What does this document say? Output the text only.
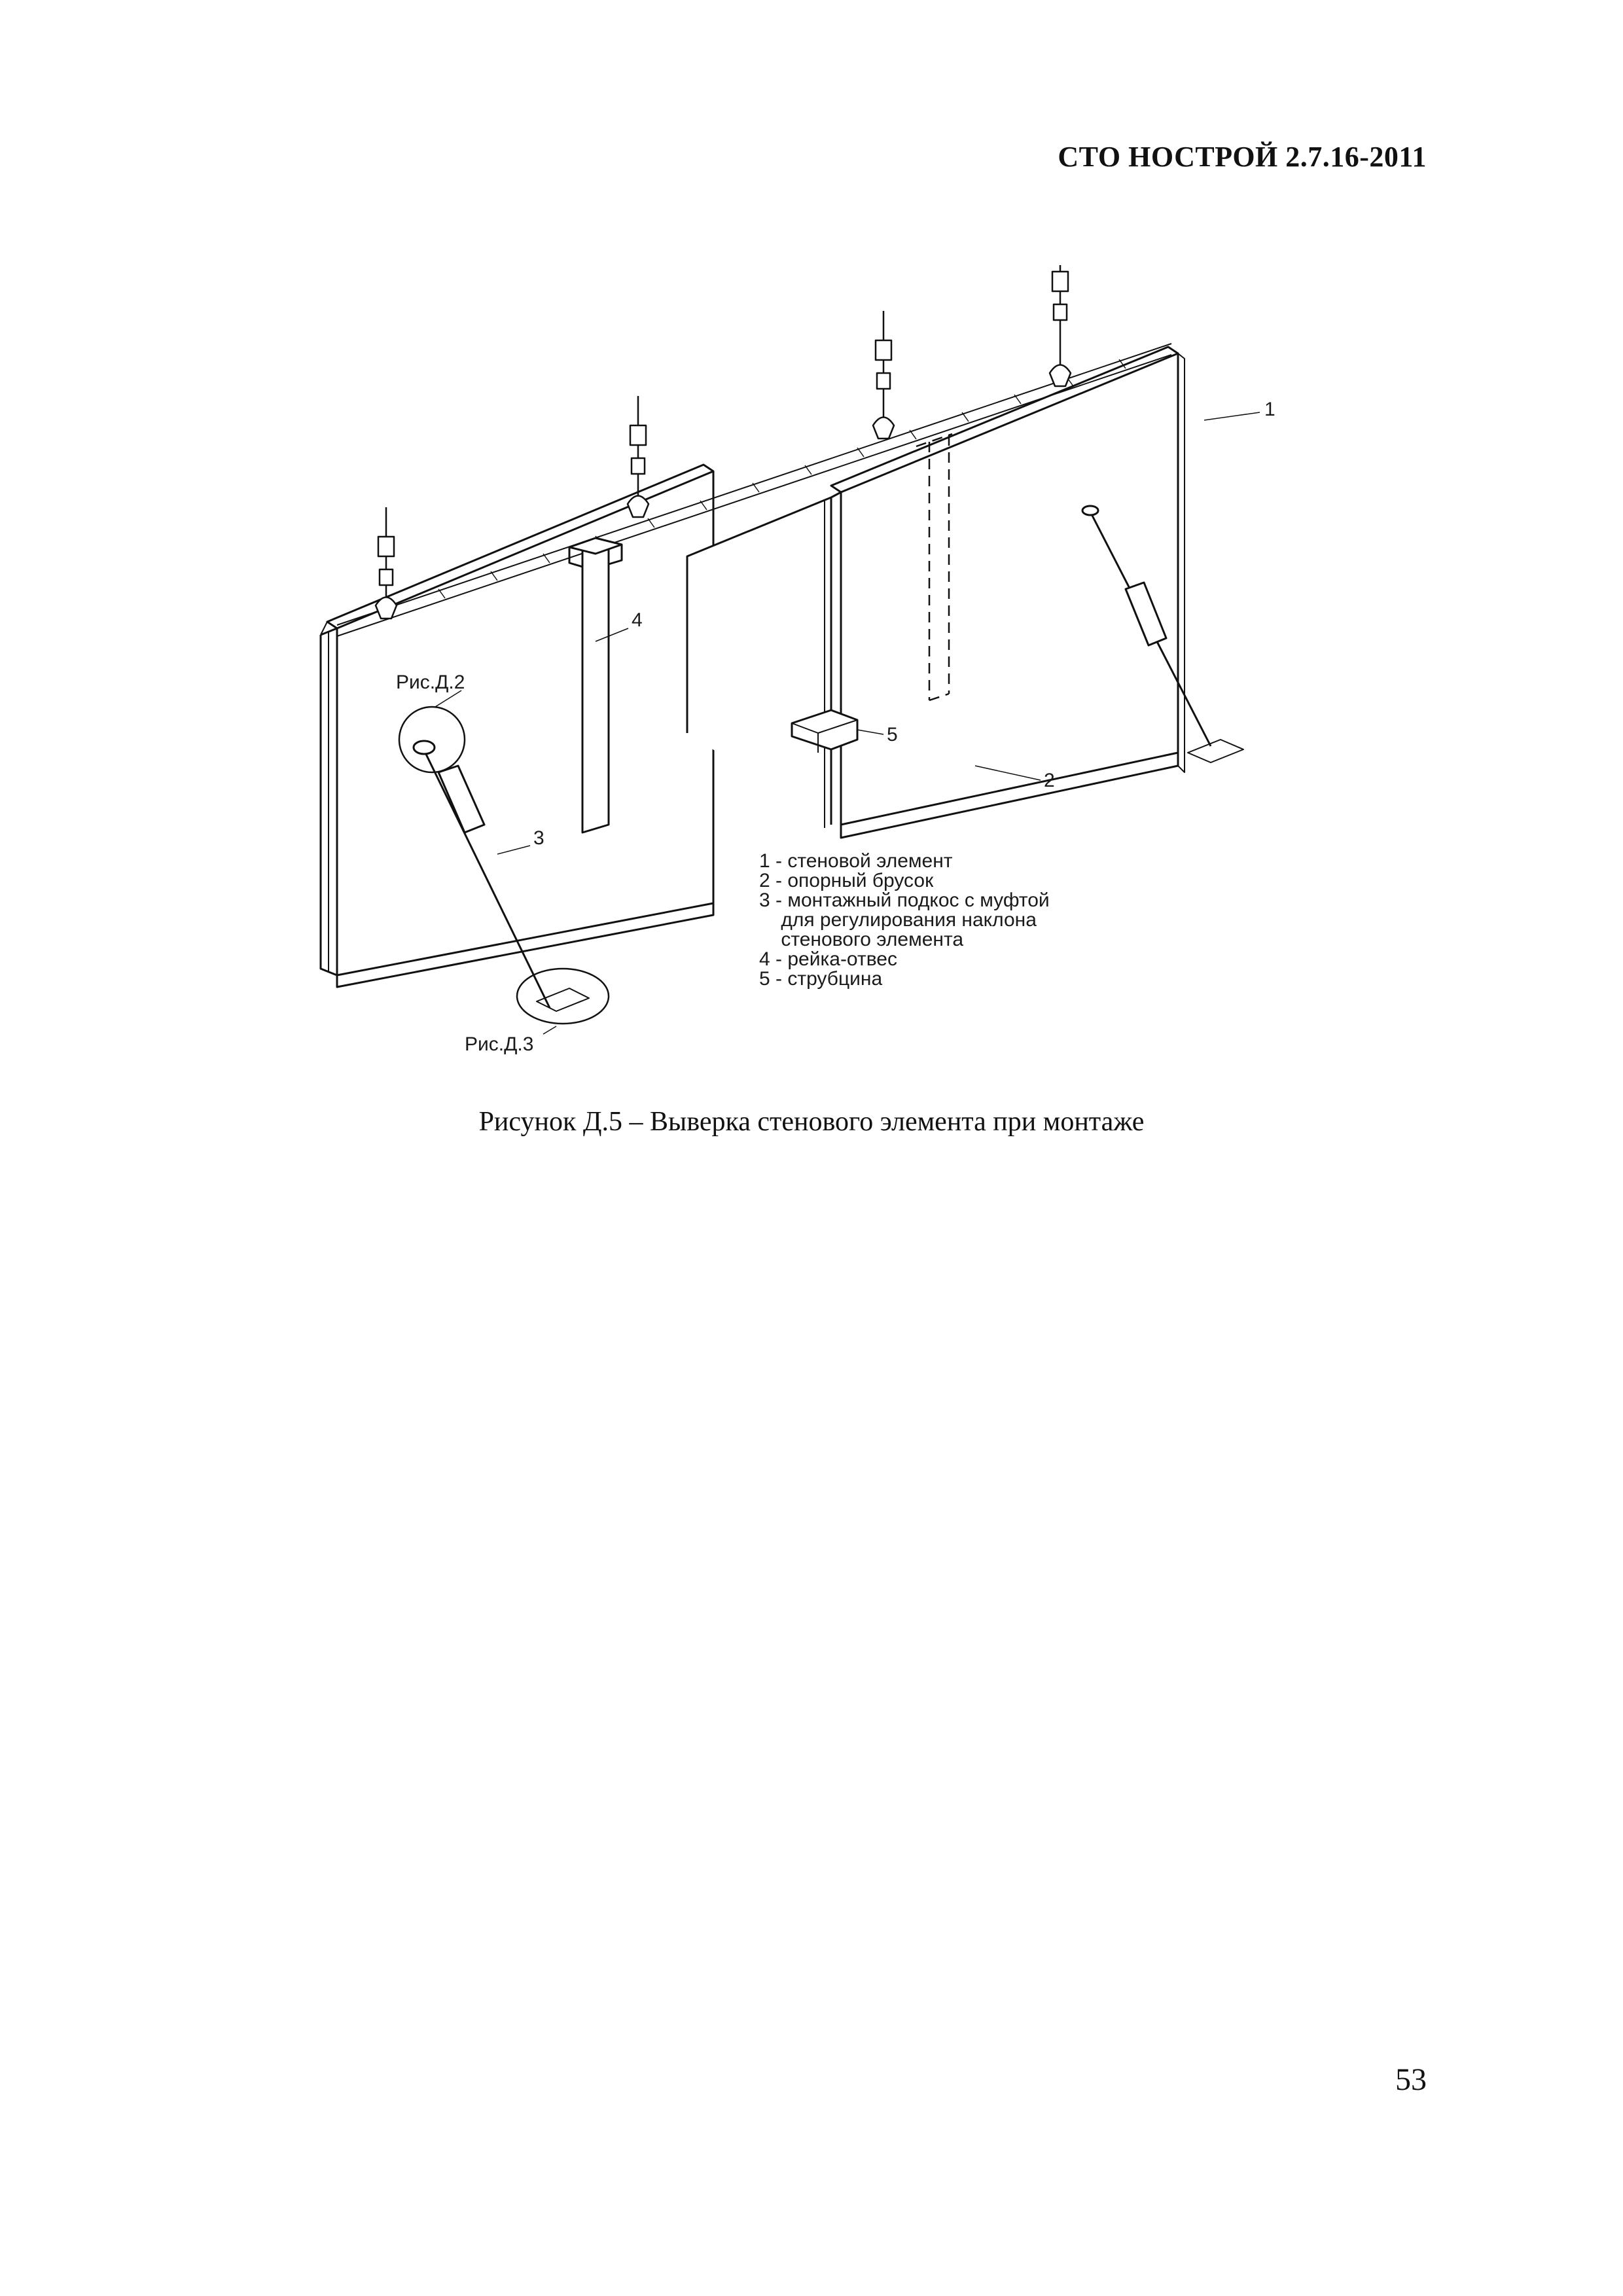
СТО НОСТРОЙ 2.7.16-2011
1
4
5
2
3
Рис.Д.2
Рис.Д.3
1 - стеновой элемент
2 - опорный брусок
3 - монтажный подкос с муфтой
для регулирования наклона
стенового элемента
4 - рейка-отвес
5 - струбцина
Рисунок Д.5 – Выверка стенового элемента при монтаже
53
